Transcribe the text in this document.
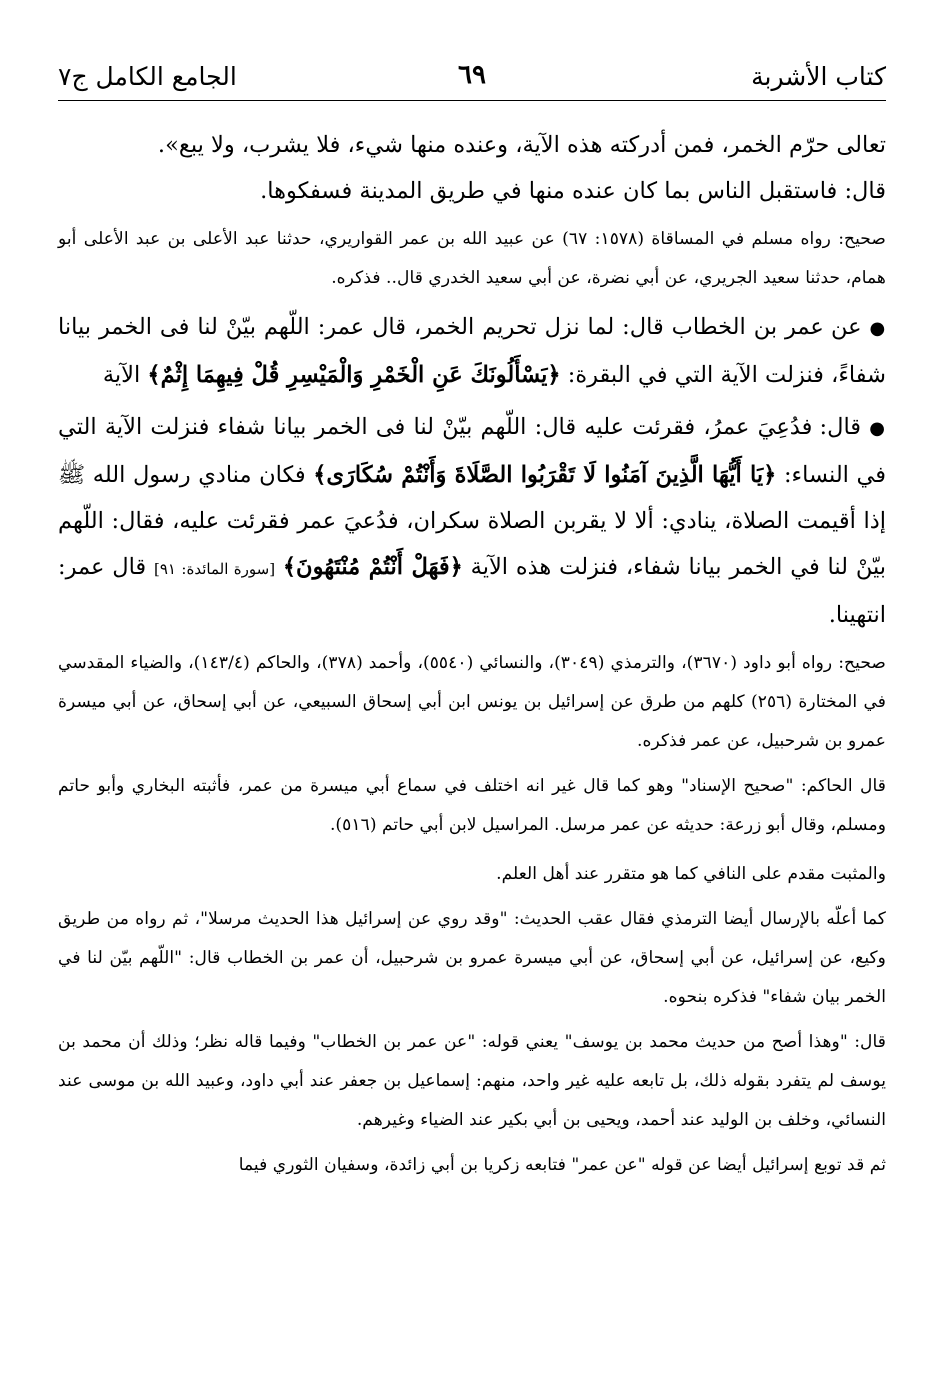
كتاب الأشربة
٦٩
الجامع الكامل ج٧

تعالى حرّم الخمر، فمن أدركته هذه الآية، وعنده منها شيء، فلا يشرب، ولا يبع».

قال: فاستقبل الناس بما كان عنده منها في طريق المدينة فسفكوها.

صحيح: رواه مسلم في المساقاة (١٥٧٨: ٦٧) عن عبيد الله بن عمر القواريري، حدثنا عبد الأعلى بن عبد الأعلى أبو همام، حدثنا سعيد الجريري، عن أبي نضرة، عن أبي سعيد الخدري قال.. فذكره.

● عن عمر بن الخطاب قال: لما نزل تحريم الخمر، قال عمر: اللّهم بيّنْ لنا فى الخمر بيانا شفاءً، فنزلت الآية التي في البقرة: ﴿يَسْأَلُونَكَ عَنِ الْخَمْرِ وَالْمَيْسِرِ قُلْ فِيهِمَا إِثْمٌ﴾ الآية

● قال: فدُعِيَ عمرُ، فقرئت عليه قال: اللّهم بيّنْ لنا فى الخمر بيانا شفاء فنزلت الآية التي في النساء: ﴿يَا أَيُّهَا الَّذِينَ آمَنُوا لَا تَقْرَبُوا الصَّلَاةَ وَأَنْتُمْ سُكَارَى﴾ فكان منادي رسول الله ﷺ إذا أقيمت الصلاة، ينادي: ألا لا يقربن الصلاة سكران، فدُعيَ عمر فقرئت عليه، فقال: اللّهم بيّنْ لنا في الخمر بيانا شفاء، فنزلت هذه الآية ﴿فَهَلْ أَنْتُمْ مُنْتَهُونَ﴾ [سورة المائدة: ٩١] قال عمر: انتهينا.

صحيح: رواه أبو داود (٣٦٧٠)، والترمذي (٣٠٤٩)، والنسائي (٥٥٤٠)، وأحمد (٣٧٨)، والحاكم (١٤٣/٤)، والضياء المقدسي في المختارة (٢٥٦) كلهم من طرق عن إسرائيل بن يونس ابن أبي إسحاق السبيعي، عن أبي إسحاق، عن أبي ميسرة عمرو بن شرحبيل، عن عمر فذكره.

قال الحاكم: "صحيح الإسناد" وهو كما قال غير انه اختلف في سماع أبي ميسرة من عمر، فأثبته البخاري وأبو حاتم ومسلم، وقال أبو زرعة: حديثه عن عمر مرسل. المراسيل لابن أبي حاتم (٥١٦).

والمثبت مقدم على النافي كما هو متقرر عند أهل العلم.

كما أعلّه بالإرسال أيضا الترمذي فقال عقب الحديث: "وقد روي عن إسرائيل هذا الحديث مرسلا"، ثم رواه من طريق وكيع، عن إسرائيل، عن أبي إسحاق، عن أبي ميسرة عمرو بن شرحبيل، أن عمر بن الخطاب قال: "اللّهم بيّن لنا في الخمر بيان شفاء" فذكره بنحوه.

قال: "وهذا أصح من حديث محمد بن يوسف" يعني قوله: "عن عمر بن الخطاب" وفيما قاله نظر؛ وذلك أن محمد بن يوسف لم يتفرد بقوله ذلك، بل تابعه عليه غير واحد، منهم: إسماعيل بن جعفر عند أبي داود، وعبيد الله بن موسى عند النسائي، وخلف بن الوليد عند أحمد، ويحيى بن أبي بكير عند الضياء وغيرهم.

ثم قد توبع إسرائيل أيضا عن قوله "عن عمر" فتابعه زكريا بن أبي زائدة، وسفيان الثوري فيما
